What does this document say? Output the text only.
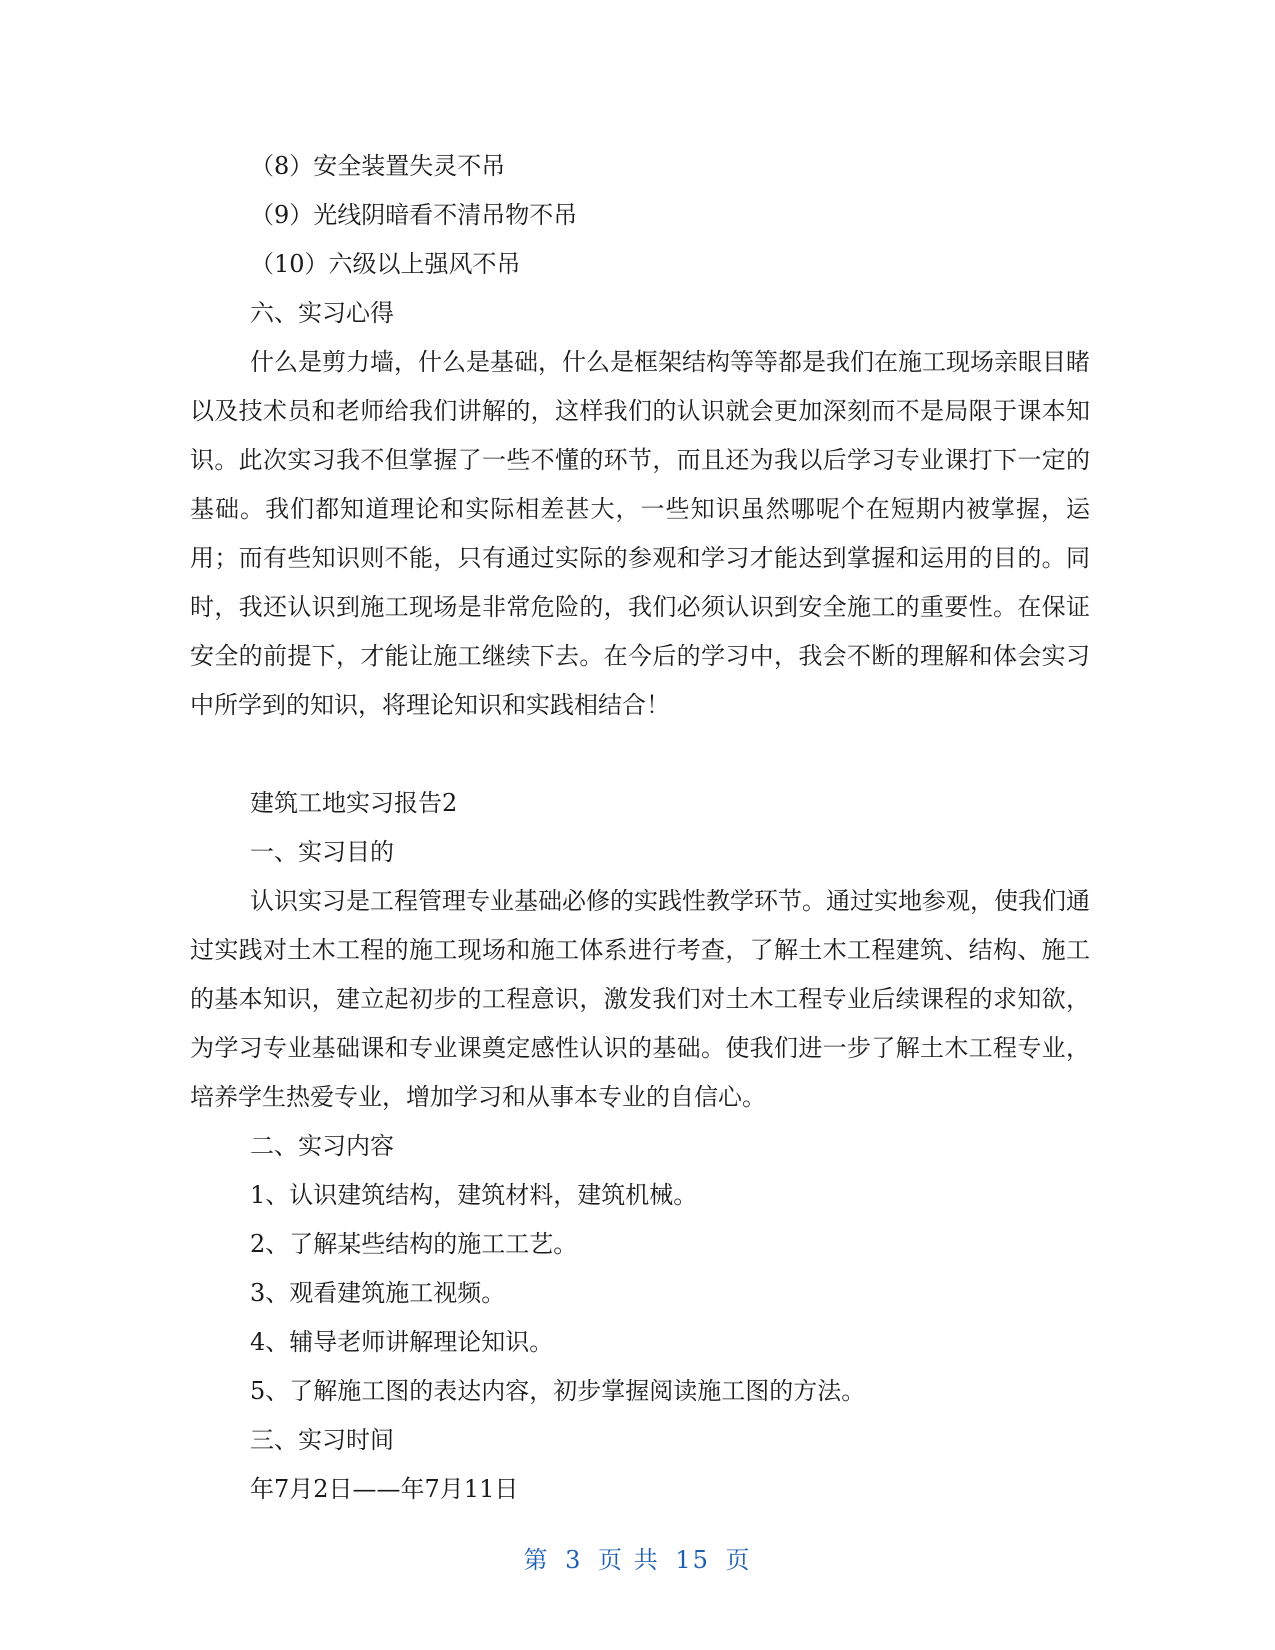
（8）安全装置失灵不吊
（9）光线阴暗看不清吊物不吊
（10）六级以上强风不吊
六、实习心得

什么是剪力墙，什么是基础，什么是框架结构等等都是我们在施工现场亲眼目睹以及技术员和老师给我们讲解的，这样我们的认识就会更加深刻而不是局限于课本知识。此次实习我不但掌握了一些不懂的环节，而且还为我以后学习专业课打下一定的基础。我们都知道理论和实际相差甚大，一些知识虽然哪呢个在短期内被掌握，运用；而有些知识则不能，只有通过实际的参观和学习才能达到掌握和运用的目的。同时，我还认识到施工现场是非常危险的，我们必须认识到安全施工的重要性。在保证安全的前提下，才能让施工继续下去。在今后的学习中，我会不断的理解和体会实习中所学到的知识，将理论知识和实践相结合！

建筑工地实习报告2
一、实习目的

认识实习是工程管理专业基础必修的实践性教学环节。通过实地参观，使我们通过实践对土木工程的施工现场和施工体系进行考查，了解土木工程建筑、结构、施工的基本知识，建立起初步的工程意识，激发我们对土木工程专业后续课程的求知欲，为学习专业基础课和专业课奠定感性认识的基础。使我们进一步了解土木工程专业，培养学生热爱专业，增加学习和从事本专业的自信心。

二、实习内容
1、认识建筑结构，建筑材料，建筑机械。
2、了解某些结构的施工工艺。
3、观看建筑施工视频。
4、辅导老师讲解理论知识。
5、了解施工图的表达内容，初步掌握阅读施工图的方法。
三、实习时间
年7月2日——年7月11日
第 3 页 共 15 页
